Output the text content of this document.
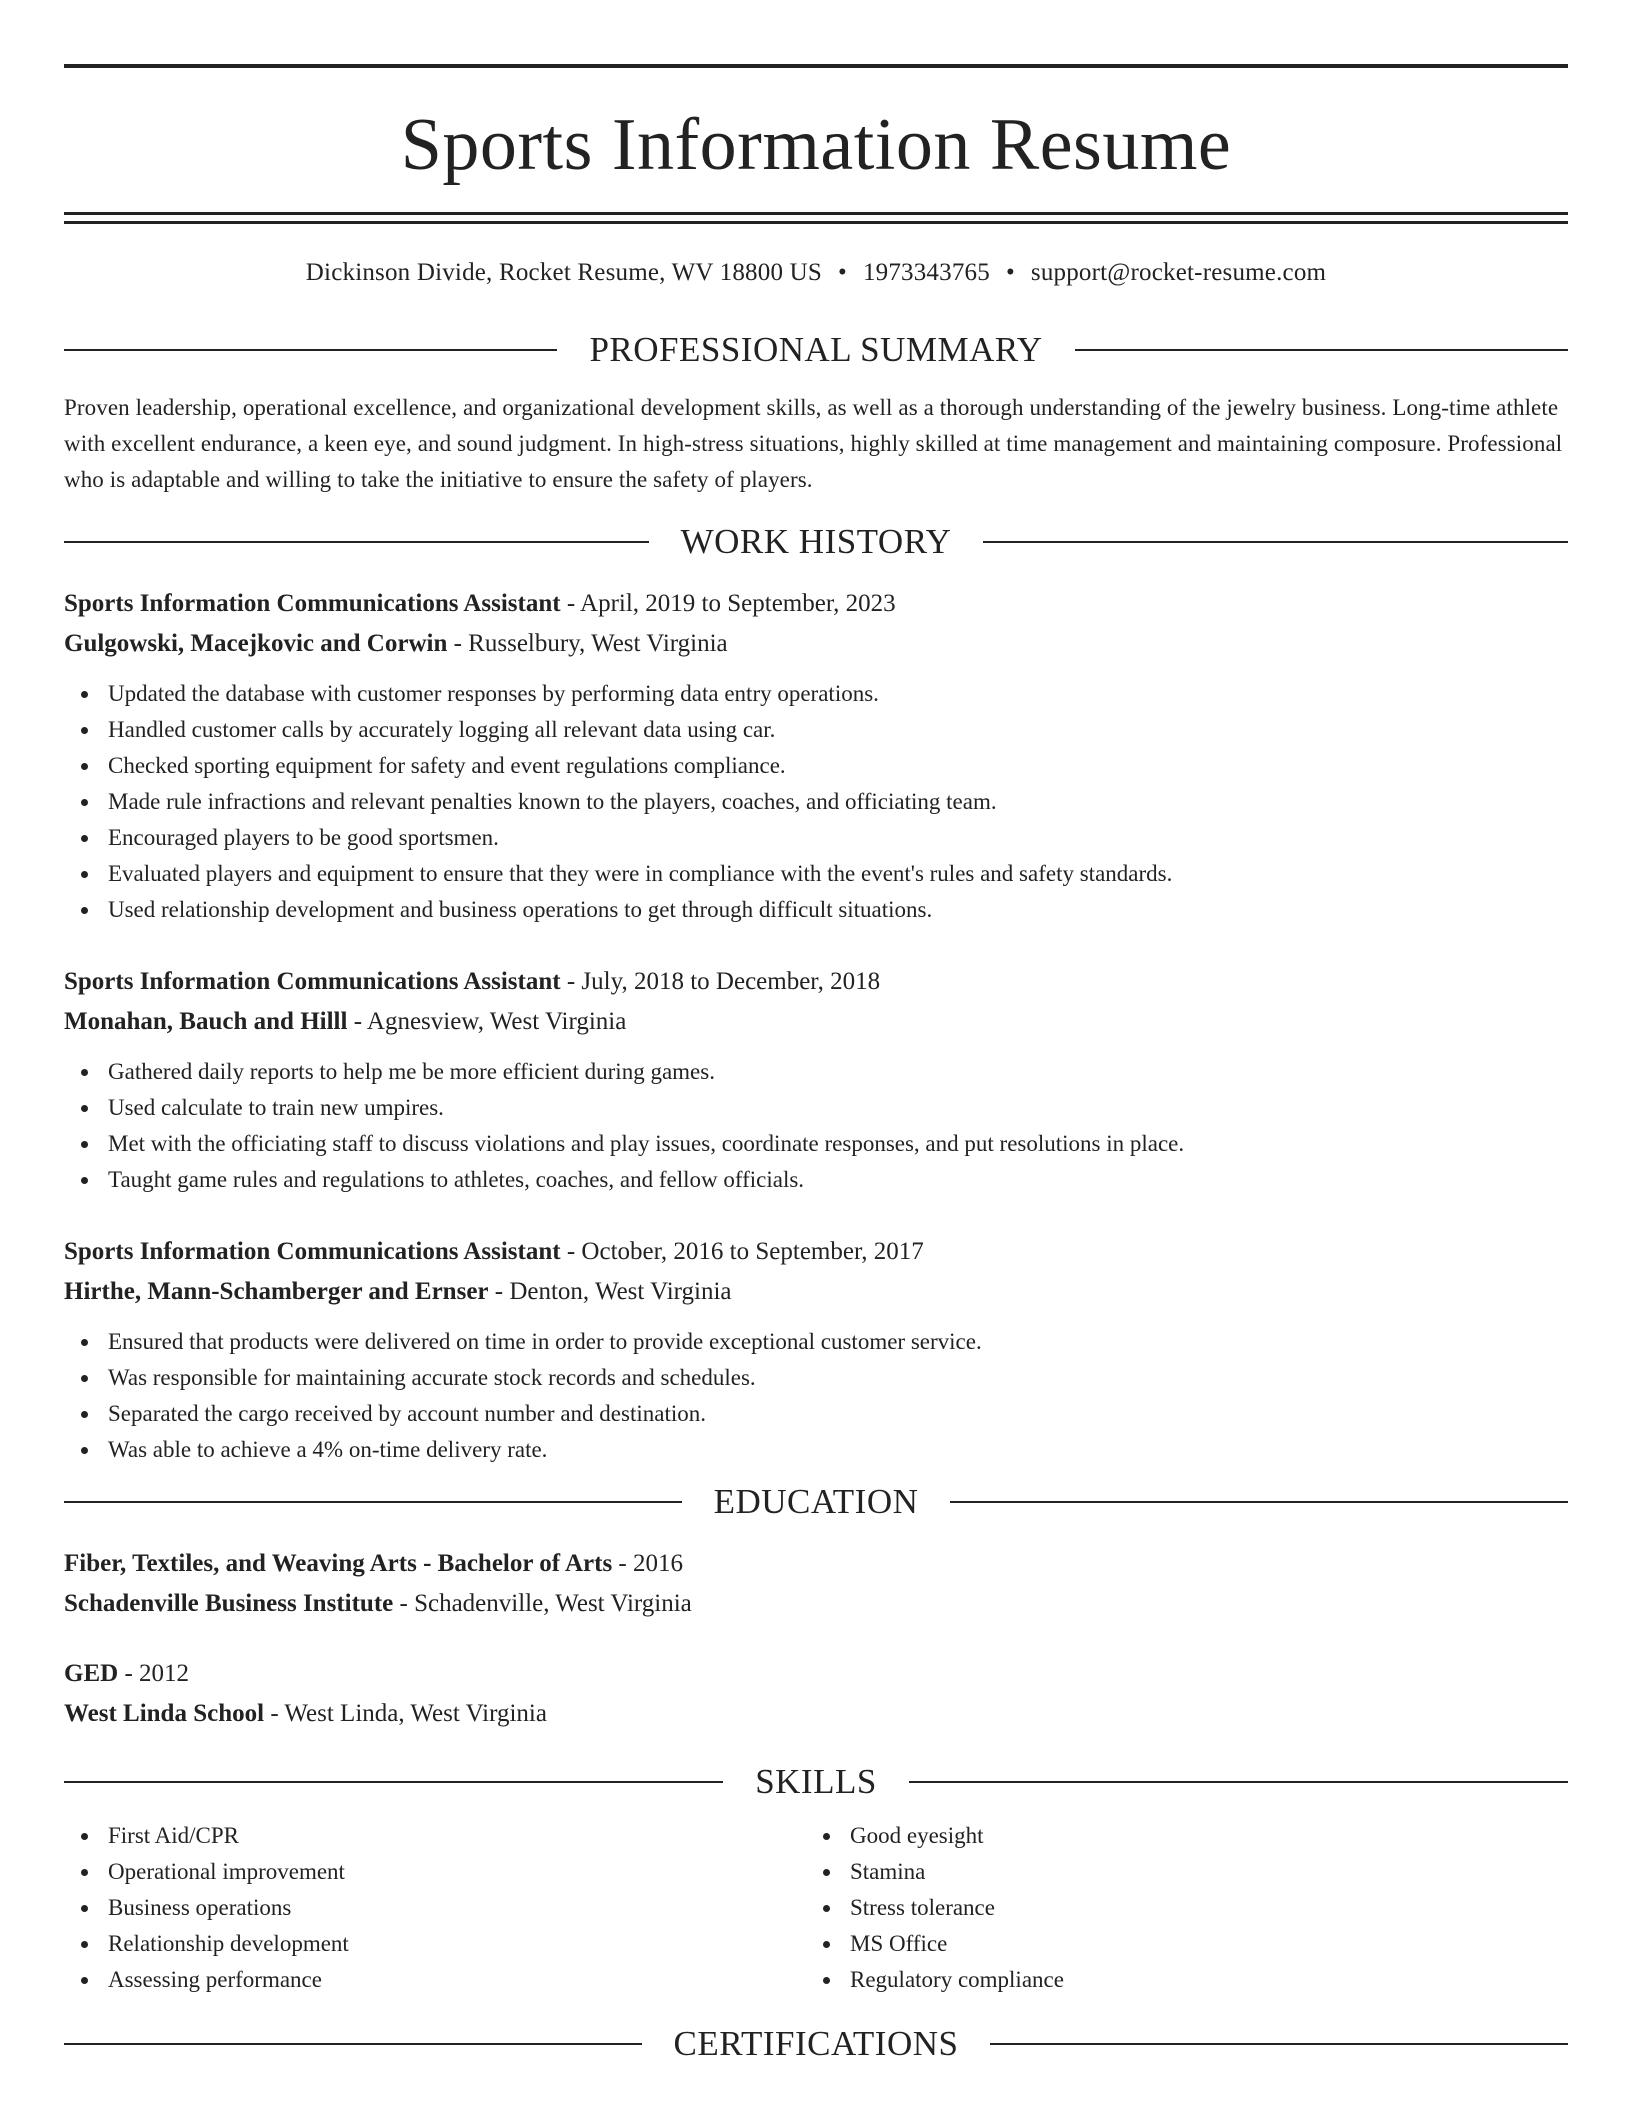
Sports Information Resume
Dickinson Divide, Rocket Resume, WV 18800 US • 1973343765 • support@rocket-resume.com
PROFESSIONAL SUMMARY
Proven leadership, operational excellence, and organizational development skills, as well as a thorough understanding of the jewelry business. Long-time athlete with excellent endurance, a keen eye, and sound judgment. In high-stress situations, highly skilled at time management and maintaining composure. Professional who is adaptable and willing to take the initiative to ensure the safety of players.
WORK HISTORY
Sports Information Communications Assistant - April, 2019 to September, 2023
Gulgowski, Macejkovic and Corwin - Russelbury, West Virginia
Updated the database with customer responses by performing data entry operations.
Handled customer calls by accurately logging all relevant data using car.
Checked sporting equipment for safety and event regulations compliance.
Made rule infractions and relevant penalties known to the players, coaches, and officiating team.
Encouraged players to be good sportsmen.
Evaluated players and equipment to ensure that they were in compliance with the event's rules and safety standards.
Used relationship development and business operations to get through difficult situations.
Sports Information Communications Assistant - July, 2018 to December, 2018
Monahan, Bauch and Hilll - Agnesview, West Virginia
Gathered daily reports to help me be more efficient during games.
Used calculate to train new umpires.
Met with the officiating staff to discuss violations and play issues, coordinate responses, and put resolutions in place.
Taught game rules and regulations to athletes, coaches, and fellow officials.
Sports Information Communications Assistant - October, 2016 to September, 2017
Hirthe, Mann-Schamberger and Ernser - Denton, West Virginia
Ensured that products were delivered on time in order to provide exceptional customer service.
Was responsible for maintaining accurate stock records and schedules.
Separated the cargo received by account number and destination.
Was able to achieve a 4% on-time delivery rate.
EDUCATION
Fiber, Textiles, and Weaving Arts - Bachelor of Arts - 2016
Schadenville Business Institute - Schadenville, West Virginia
GED - 2012
West Linda School - West Linda, West Virginia
SKILLS
First Aid/CPR
Operational improvement
Business operations
Relationship development
Assessing performance
Good eyesight
Stamina
Stress tolerance
MS Office
Regulatory compliance
CERTIFICATIONS
